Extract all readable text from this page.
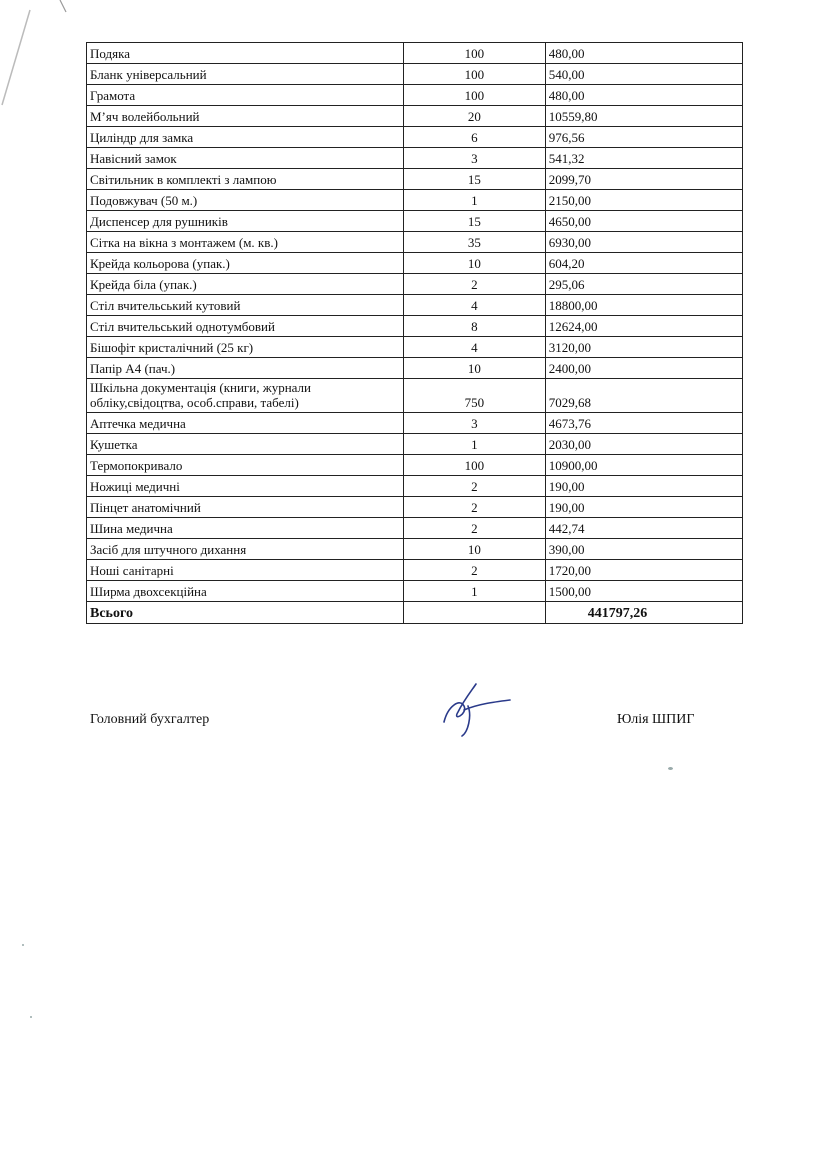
Подяка	100	480,00
Бланк універсальний	100	540,00
Грамота	100	480,00
М’яч волейбольний	20	10559,80
Циліндр для замка	6	976,56
Навісний замок	3	541,32
Світильник в комплекті з лампою	15	2099,70
Подовжувач (50 м.)	1	2150,00
Диспенсер для рушників	15	4650,00
Сітка на вікна з монтажем (м. кв.)	35	6930,00
Крейда кольорова (упак.)	10	604,20
Крейда біла (упак.)	2	295,06
Стіл вчительський кутовий	4	18800,00
Стіл вчительський однотумбовий	8	12624,00
Бішофіт кристалічний (25 кг)	4	3120,00
Папір А4 (пач.)	10	2400,00
Шкільна документація (книги, журнали обліку,свідоцтва, особ.справи, табелі)	750	7029,68
Аптечка медична	3	4673,76
Кушетка	1	2030,00
Термопокривало	100	10900,00
Ножиці медичні	2	190,00
Пінцет анатомічний	2	190,00
Шина медична	2	442,74
Засіб для штучного дихання	10	390,00
Ноші санітарні	2	1720,00
Ширма двохсекційна	1	1500,00
Всього		441797,26
Головний бухгалтер	Юлія ШПИГ
